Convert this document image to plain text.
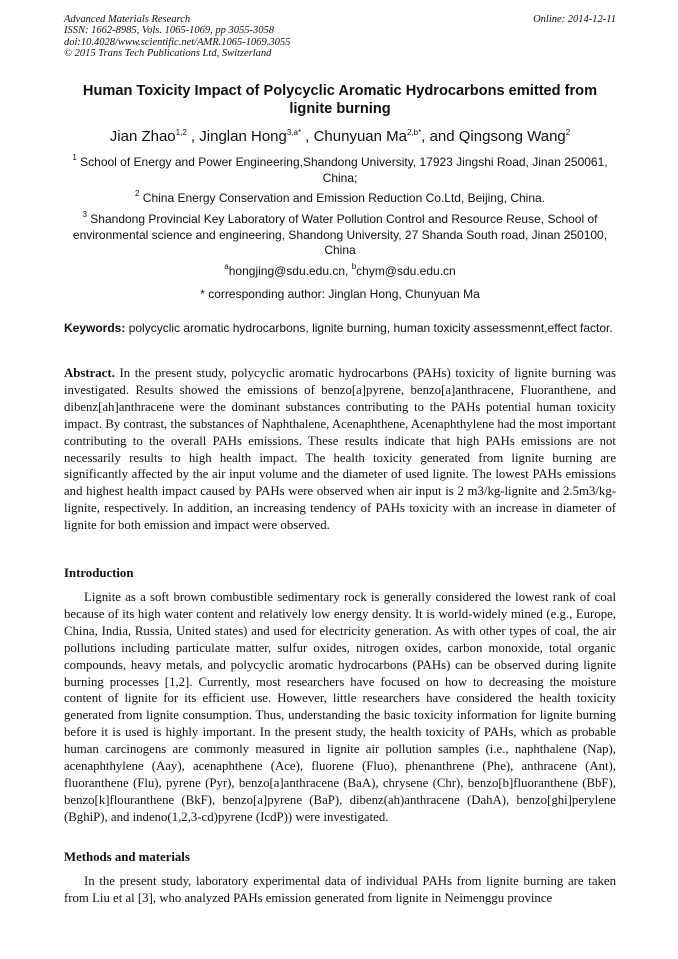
Advanced Materials Research
ISSN: 1662-8985, Vols. 1065-1069, pp 3055-3058
doi:10.4028/www.scientific.net/AMR.1065-1069.3055
© 2015 Trans Tech Publications Ltd, Switzerland
Online: 2014-12-11
Human Toxicity Impact of Polycyclic Aromatic Hydrocarbons emitted from lignite burning
Jian Zhao$^{1,2}$ , Jinglan Hong$^{3,a*}$ , Chunyuan $Ma^{2,b*}$, and Qingsong Wang$^2$
$^1$ School of Energy and Power Engineering,Shandong University, 17923 Jingshi Road, Jinan 250061, China;
$^2$ China Energy Conservation and Emission Reduction Co.Ltd, Beijing, China.
$^3$ Shandong Provincial Key Laboratory of Water Pollution Control and Resource Reuse, School of environmental science and engineering, Shandong University, 27 Shanda South road, Jinan 250100, China
$^a$hongjing@sdu.edu.cn, $^b$chym@sdu.edu.cn
* corresponding author: Jinglan Hong, Chunyuan Ma
Keywords: polycyclic aromatic hydrocarbons, lignite burning, human toxicity assessmennt,effect factor.
Abstract. In the present study, polycyclic aromatic hydrocarbons (PAHs) toxicity of lignite burning was investigated. Results showed the emissions of benzo[a]pyrene, benzo[a]anthracene, Fluoranthene, and dibenz[ah]anthracene were the dominant substances contributing to the PAHs potential human toxicity impact. By contrast, the substances of Naphthalene, Acenaphthene, Acenaphthylene had the most important contributing to the overall PAHs emissions. These results indicate that high PAHs emissions are not necessarily results to high health impact. The health toxicity generated from lignite burning are significantly affected by the air input volume and the diameter of used lignite. The lowest PAHs emissions and highest health impact caused by PAHs were observed when air input is 2 m3/kg-lignite and 2.5m3/kg-lignite, respectively. In addition, an increasing tendency of PAHs toxicity with an increase in diameter of lignite for both emission and impact were observed.
Introduction
Lignite as a soft brown combustible sedimentary rock is generally considered the lowest rank of coal because of its high water content and relatively low energy density. It is world-widely mined (e.g., Europe, China, India, Russia, United states) and used for electricity generation. As with other types of coal, the air pollutions including particulate matter, sulfur oxides, nitrogen oxides, carbon monoxide, total organic compounds, heavy metals, and polycyclic aromatic hydrocarbons (PAHs) can be observed during lignite burning processes [1,2]. Currently, most researchers have focused on how to decreasing the moisture content of lignite for its efficient use. However, little researchers have considered the health toxicity generated from lignite consumption. Thus, understanding the basic toxicity information for lignite burning before it is used is highly important. In the present study, the health toxicity of PAHs, which as probable human carcinogens are commonly measured in lignite air pollution samples (i.e., naphthalene (Nap), acenaphthylene (Aay), acenaphthene (Ace), fluorene (Fluo), phenanthrene (Phe), anthracene (Ant), fluoranthene (Flu), pyrene (Pyr), benzo[a]anthracene (BaA), chrysene (Chr), benzo[b]fluoranthene (BbF), benzo[k]flouranthene (BkF), benzo[a]pyrene (BaP), dibenz(ah)anthracene (DahA), benzo[ghi]perylene (BghiP), and indeno(1,2,3-cd)pyrene (IcdP)) were investigated.
Methods and materials
In the present study, laboratory experimental data of individual PAHs from lignite burning are taken from Liu et al [3], who analyzed PAHs emission generated from lignite in Neimenggu province
